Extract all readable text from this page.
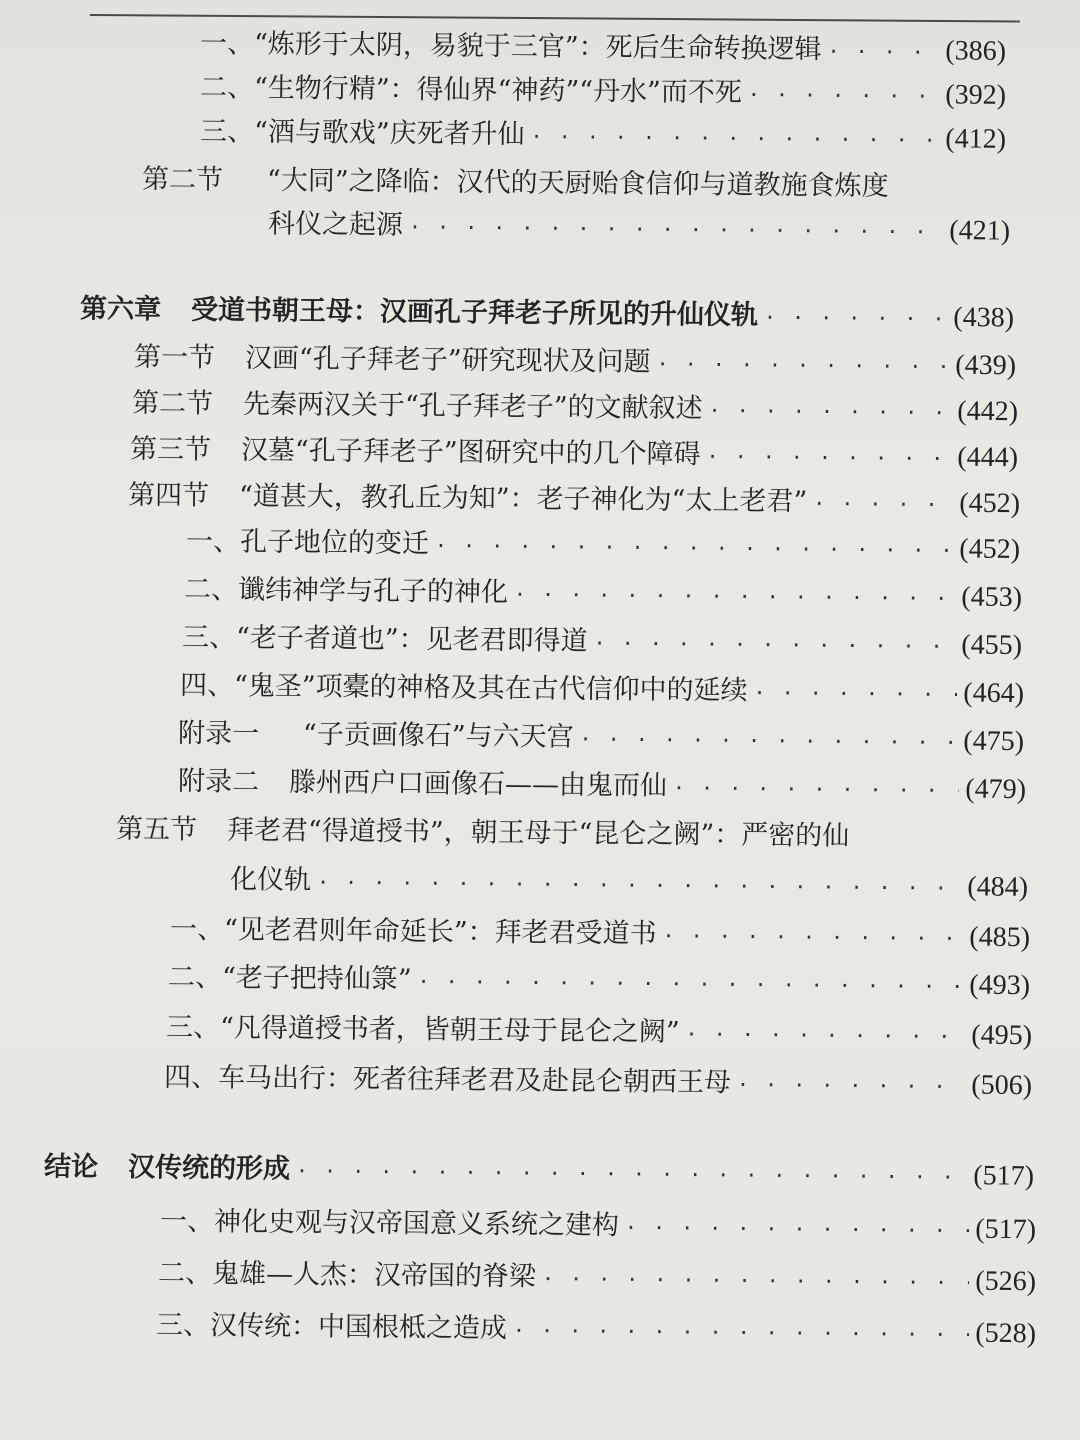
一、 “炼形于太阴，易貌于三官”：死后生命转换逻辑 · · ·	(386)
二、 “生物行精”：得仙界“神药”“丹水”而不死 · · ·	(392)
三、 “酒与歌戏”庆死者升仙 · · ·	(412)
第二节 “大同”之降临：汉代的天厨贻食信仰与道教施食炼度
科仪之起源 · · ·	(421)
第六章 受道书朝王母：汉画孔子拜老子所见的升仙仪轨 · · ·	(438)
第一节 汉画“孔子拜老子”研究现状及问题 · · ·	(439)
第二节 先秦两汉关于“孔子拜老子”的文献叙述 · · ·	(442)
第三节 汉墓“孔子拜老子”图研究中的几个障碍 · · ·	(444)
第四节 “道甚大，教孔丘为知”：老子神化为“太上老君” · · ·	(452)
一、 孔子地位的变迁 · · ·	(452)
二、 谶纬神学与孔子的神化 · · ·	(453)
三、 “老子者道也”：见老君即得道 · · ·	(455)
四、 “鬼圣”项橐的神格及其在古代信仰中的延续 · · ·	(464)
附录一 “子贡画像石”与六天宫 · · ·	(475)
附录二 滕州西户口画像石——由鬼而仙 · · ·	(479)
第五节 拜老君“得道授书”，朝王母于“昆仑之阙”：严密的仙
化仪轨 · · ·	(484)
一、 “见老君则年命延长”：拜老君受道书 · · ·	(485)
二、 “老子把持仙箓” · · ·	(493)
三、 “凡得道授书者，皆朝王母于昆仑之阙” · · ·	(495)
四、 车马出行：死者往拜老君及赴昆仑朝西王母 · · ·	(506)
结论 汉传统的形成 · · ·	(517)
一、 神化史观与汉帝国意义系统之建构 · · ·	(517)
二、 鬼雄—人杰：汉帝国的脊梁 · · ·	(526)
三、 汉传统：中国根柢之造成 · · ·	(528)
